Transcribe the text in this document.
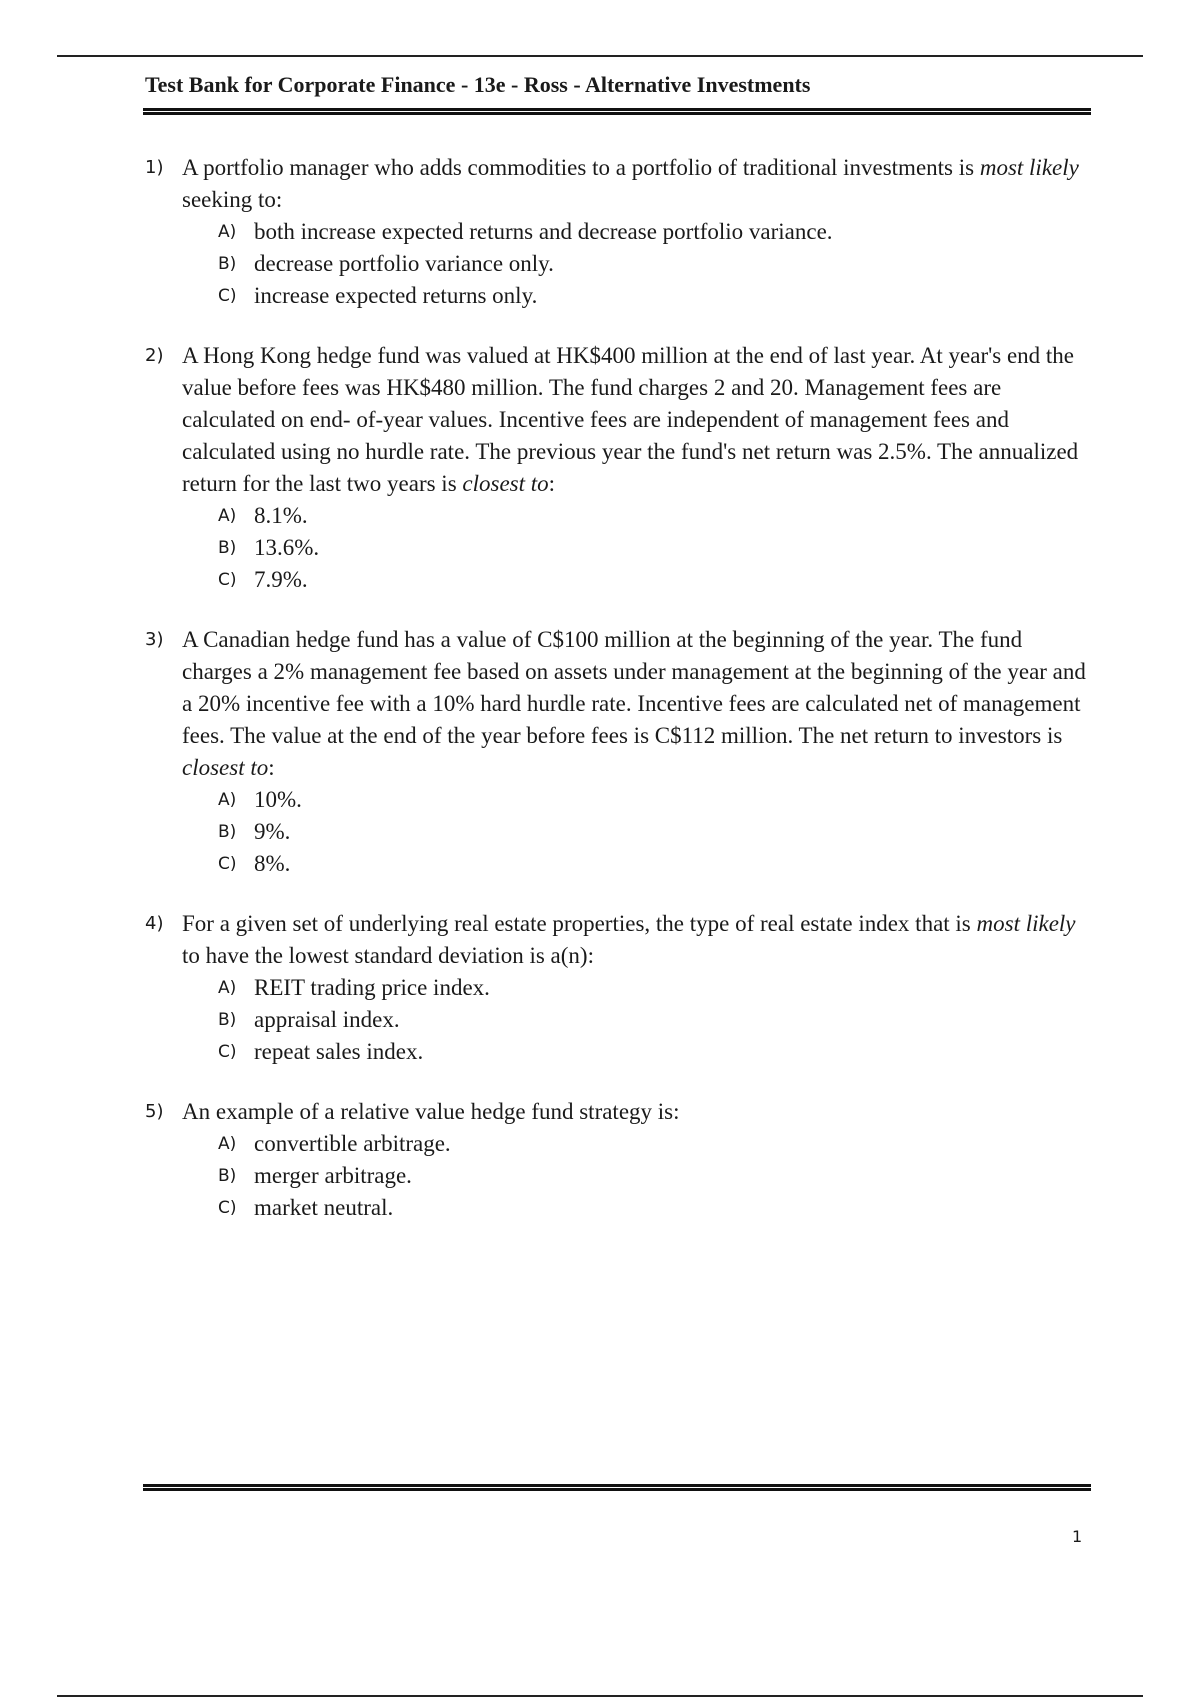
Test Bank for Corporate Finance - 13e - Ross - Alternative Investments
1) A portfolio manager who adds commodities to a portfolio of traditional investments is most likely seeking to:
A) both increase expected returns and decrease portfolio variance.
B) decrease portfolio variance only.
C) increase expected returns only.
2) A Hong Kong hedge fund was valued at HK$400 million at the end of last year. At year's end the value before fees was HK$480 million. The fund charges 2 and 20. Management fees are calculated on end- of-year values. Incentive fees are independent of management fees and calculated using no hurdle rate. The previous year the fund's net return was 2.5%. The annualized return for the last two years is closest to:
A) 8.1%.
B) 13.6%.
C) 7.9%.
3) A Canadian hedge fund has a value of C$100 million at the beginning of the year. The fund charges a 2% management fee based on assets under management at the beginning of the year and a 20% incentive fee with a 10% hard hurdle rate. Incentive fees are calculated net of management fees. The value at the end of the year before fees is C$112 million. The net return to investors is closest to:
A) 10%.
B) 9%.
C) 8%.
4) For a given set of underlying real estate properties, the type of real estate index that is most likely to have the lowest standard deviation is a(n):
A) REIT trading price index.
B) appraisal index.
C) repeat sales index.
5) An example of a relative value hedge fund strategy is:
A) convertible arbitrage.
B) merger arbitrage.
C) market neutral.
1
